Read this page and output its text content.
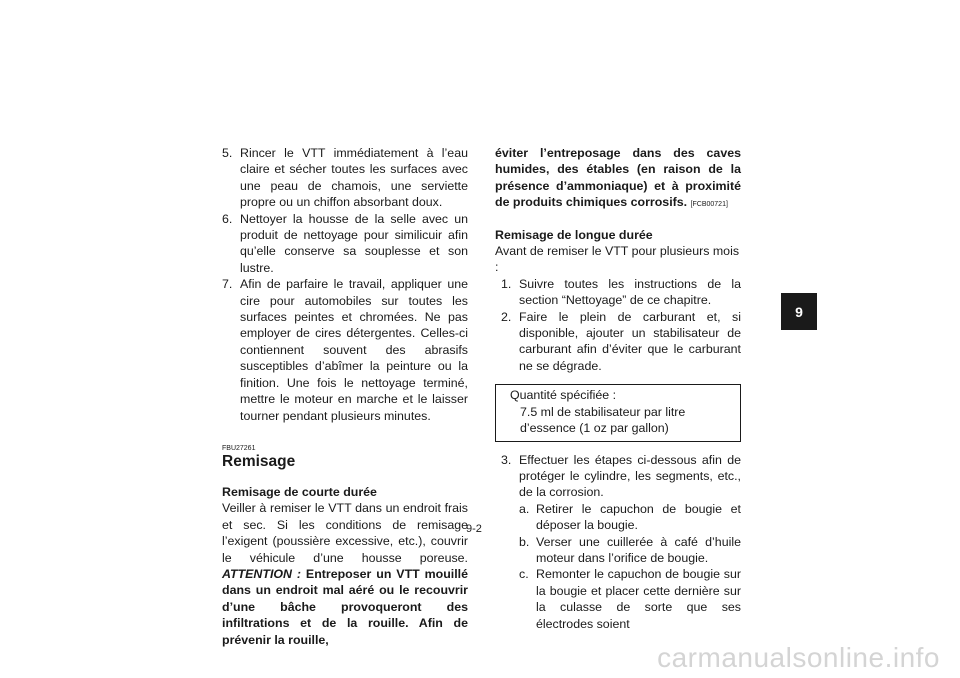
5. Rincer le VTT immédiatement à l’eau claire et sécher toutes les surfaces avec une peau de chamois, une serviette propre ou un chiffon absorbant doux.
6. Nettoyer la housse de la selle avec un produit de nettoyage pour similicuir afin qu’elle conserve sa souplesse et son lustre.
7. Afin de parfaire le travail, appliquer une cire pour automobiles sur toutes les surfaces peintes et chromées. Ne pas employer de cires détergentes. Celles-ci contiennent souvent des abrasifs susceptibles d’abîmer la peinture ou la finition. Une fois le nettoyage terminé, mettre le moteur en marche et le laisser tourner pendant plusieurs minutes.

FBU27261

Remisage

Remisage de courte durée

Veiller à remiser le VTT dans un endroit frais et sec. Si les conditions de remisage l’exigent (poussière excessive, etc.), couvrir le véhicule d’une housse poreuse. ATTENTION : Entreposer un VTT mouillé dans un endroit mal aéré ou le recouvrir d’une bâche provoqueront des infiltrations et de la rouille. Afin de prévenir la rouille,

éviter l’entreposage dans des caves humides, des étables (en raison de la présence d’ammoniaque) et à proximité de produits chimiques corrosifs. [FCB00721]

Remisage de longue durée

Avant de remiser le VTT pour plusieurs mois :

1. Suivre toutes les instructions de la section “Nettoyage” de ce chapitre.
2. Faire le plein de carburant et, si disponible, ajouter un stabilisateur de carburant afin d’éviter que le carburant ne se dégrade.

Quantité spécifiée :

7.5 ml de stabilisateur par litre d’essence (1 oz par gallon)

3. Effectuer les étapes ci-dessous afin de protéger le cylindre, les segments, etc., de la corrosion.
a. Retirer le capuchon de bougie et déposer la bougie.
b. Verser une cuillerée à café d’huile moteur dans l’orifice de bougie.
c. Remonter le capuchon de bougie sur la bougie et placer cette dernière sur la culasse de sorte que ses électrodes soient
9
9-2
carmanualsonline.info
